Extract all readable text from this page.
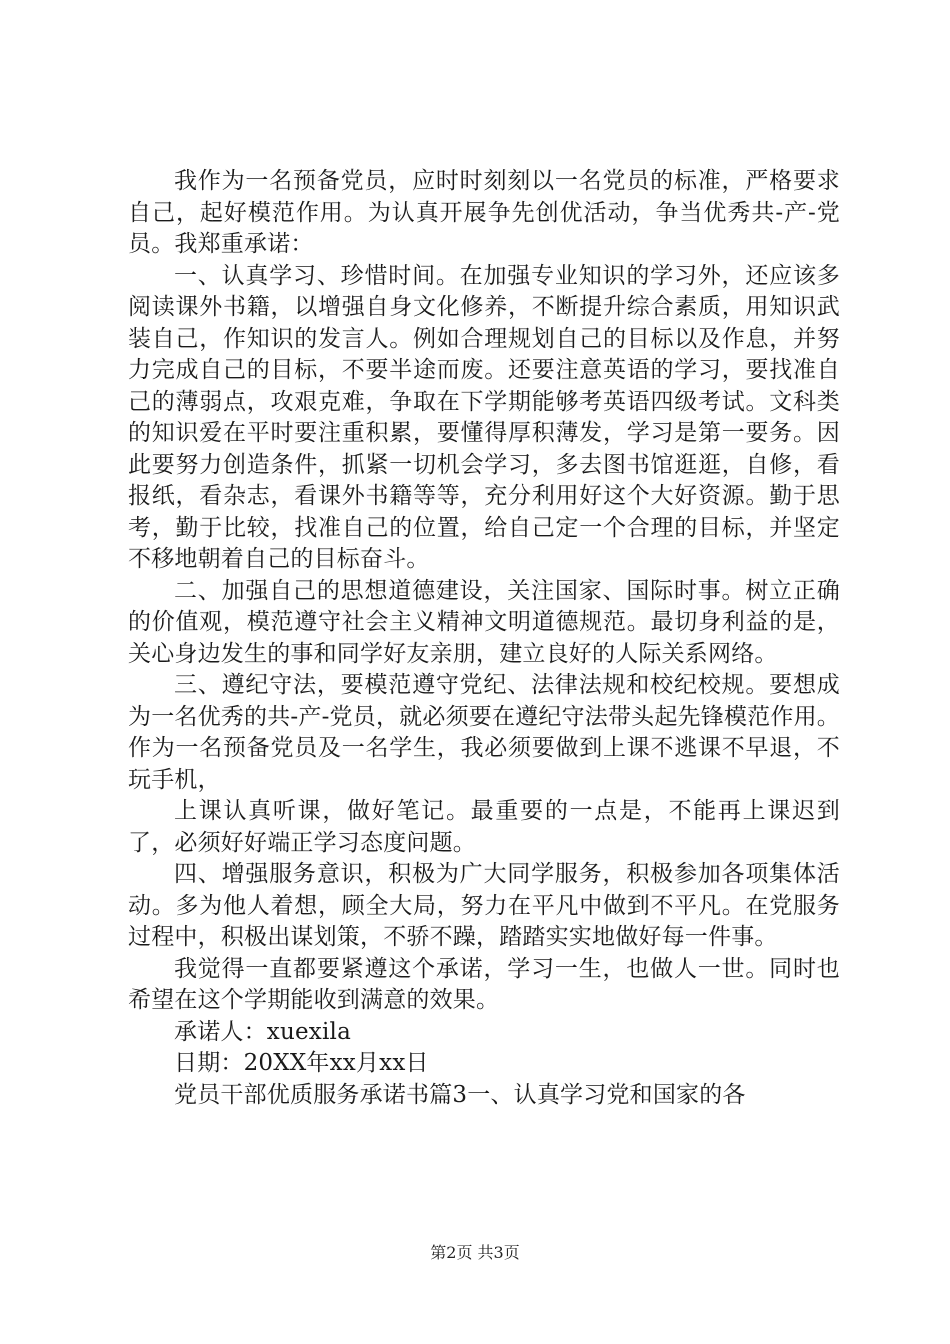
我作为一名预备党员，应时时刻刻以一名党员的标准，严格要求自己，起好模范作用。为认真开展争先创优活动，争当优秀共-产-党员。我郑重承诺：

一、认真学习、珍惜时间。在加强专业知识的学习外，还应该多阅读课外书籍，以增强自身文化修养，不断提升综合素质，用知识武装自己，作知识的发言人。例如合理规划自己的目标以及作息，并努力完成自己的目标，不要半途而废。还要注意英语的学习，要找准自己的薄弱点，攻艰克难，争取在下学期能够考英语四级考试。文科类的知识爱在平时要注重积累，要懂得厚积薄发，学习是第一要务。因此要努力创造条件，抓紧一切机会学习，多去图书馆逛逛，自修，看报纸，看杂志，看课外书籍等等，充分利用好这个大好资源。勤于思考，勤于比较，找准自己的位置，给自己定一个合理的目标，并坚定不移地朝着自己的目标奋斗。

二、加强自己的思想道德建设，关注国家、国际时事。树立正确的价值观，模范遵守社会主义精神文明道德规范。最切身利益的是，关心身边发生的事和同学好友亲朋，建立良好的人际关系网络。

三、遵纪守法，要模范遵守党纪、法律法规和校纪校规。要想成为一名优秀的共-产-党员，就必须要在遵纪守法带头起先锋模范作用。作为一名预备党员及一名学生，我必须要做到上课不逃课不早退，不玩手机，

上课认真听课，做好笔记。最重要的一点是，不能再上课迟到了，必须好好端正学习态度问题。

四、增强服务意识，积极为广大同学服务，积极参加各项集体活动。多为他人着想，顾全大局，努力在平凡中做到不平凡。在党服务过程中，积极出谋划策，不骄不躁，踏踏实实地做好每一件事。

我觉得一直都要紧遵这个承诺，学习一生，也做人一世。同时也希望在这个学期能收到满意的效果。

承诺人：xuexila

日期：20XX年xx月xx日

党员干部优质服务承诺书篇3一、认真学习党和国家的各

第2页 共3页
